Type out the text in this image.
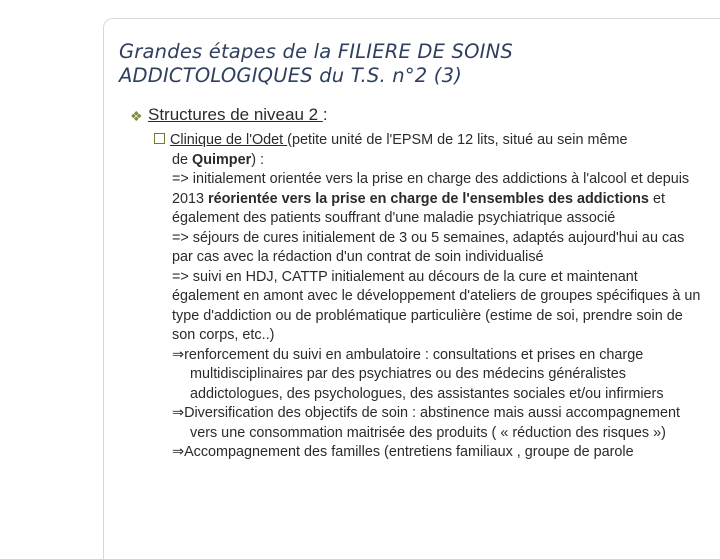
Grandes étapes de la FILIERE DE SOINS ADDICTOLOGIQUES du T.S. n°2 (3)
❖ Structures de niveau 2 :

Clinique de l'Odet (petite unité de l'EPSM de 12 lits, situé au sein même
de Quimper) :

=> initialement orientée vers la prise en charge des addictions à l'alcool et depuis 2013 réorientée vers la prise en charge de l'ensembles des addictions et également des patients souffrant d'une maladie psychiatrique associé

=> séjours de cures initialement de 3 ou 5 semaines, adaptés aujourd'hui au cas par cas avec la rédaction d'un contrat de soin individualisé

=> suivi en HDJ, CATTP initialement au décours de la cure et maintenant également en amont avec le développement d'ateliers de groupes spécifiques à un type d'addiction ou de problématique particulière (estime de soi, prendre soin de son corps, etc..)

⇒renforcement du suivi en ambulatoire : consultations et prises en charge multidisciplinaires par des psychiatres ou des médecins généralistes addictologues, des psychologues, des assistantes sociales et/ou infirmiers

⇒Diversification des objectifs de soin : abstinence mais aussi accompagnement vers une consommation maitrisée des produits ( « réduction des risques »)

⇒Accompagnement des familles (entretiens familiaux , groupe de parole
